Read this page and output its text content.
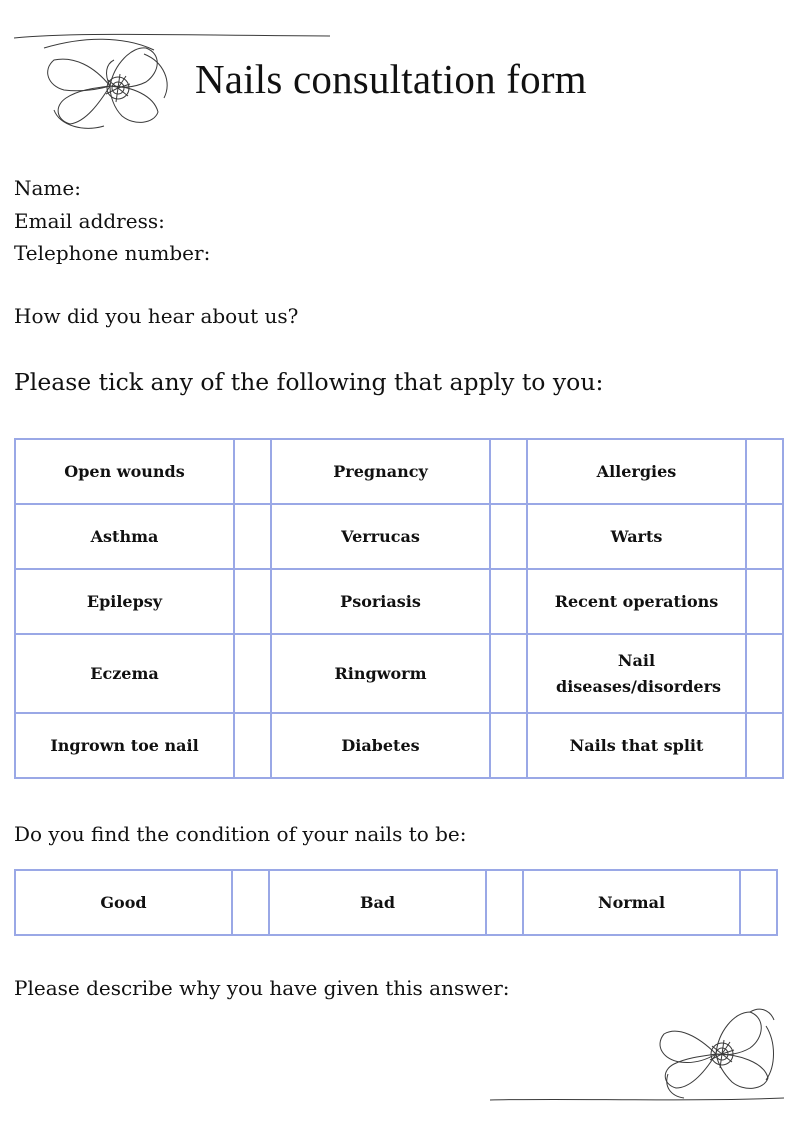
Nails consultation form
Name:
Email address:
Telephone number:

How did you hear about us?

Please tick any of the following that apply to you:

Open wounds		Pregnancy		Allergies	
Asthma		Verrucas		Warts	
Epilepsy		Psoriasis		Recent operations	
Eczema		Ringworm		Nail diseases/disorders	
Ingrown toe nail		Diabetes		Nails that split	

Do you find the condition of your nails to be:

Good		Bad		Normal	

Please describe why you have given this answer:
